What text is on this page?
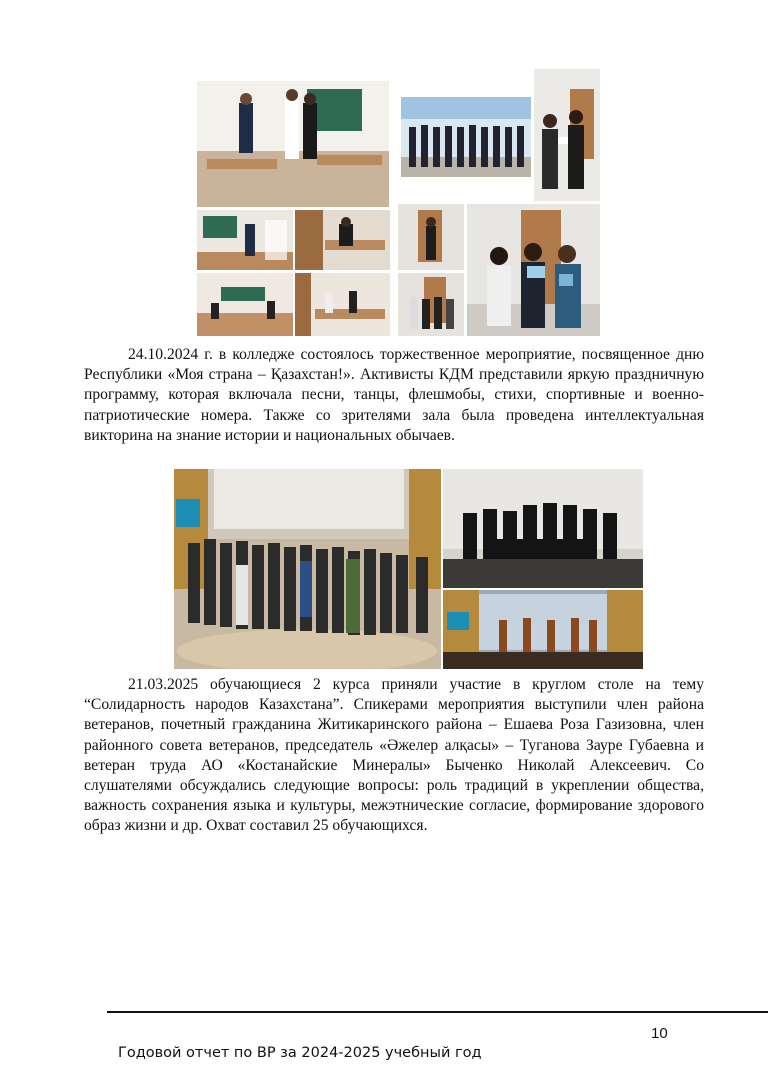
24.10.2024 г. в колледже состоялось торжественное мероприятие, посвященное дню Республики «Моя страна – Қазахстан!». Активисты КДМ представили яркую праздничную программу, которая включала песни, танцы, флешмобы, стихи, спортивные и военно-патриотические номера. Также со зрителями зала была проведена интеллектуальная викторина на знание истории и национальных обычаев.
21.03.2025 обучающиеся 2 курса приняли участие в круглом столе на тему “Солидарность народов Казахстана”. Спикерами мероприятия выступили член района ветеранов, почетный гражданина Житикаринского района – Ешаева Роза Газизовна, член районного совета ветеранов, председатель «Әжелер алқасы» – Туганова Зауре Губаевна и ветеран труда АО «Костанайские Минералы» Быченко Николай Алексеевич. Со слушателями обсуждались следующие вопросы: роль традиций в укреплении общества, важность сохранения языка и культуры, межэтнические согласие, формирование здорового образ жизни и др. Охват составил 25 обучающихся.
10
Годовой отчет по ВР за 2024-2025 учебный год
